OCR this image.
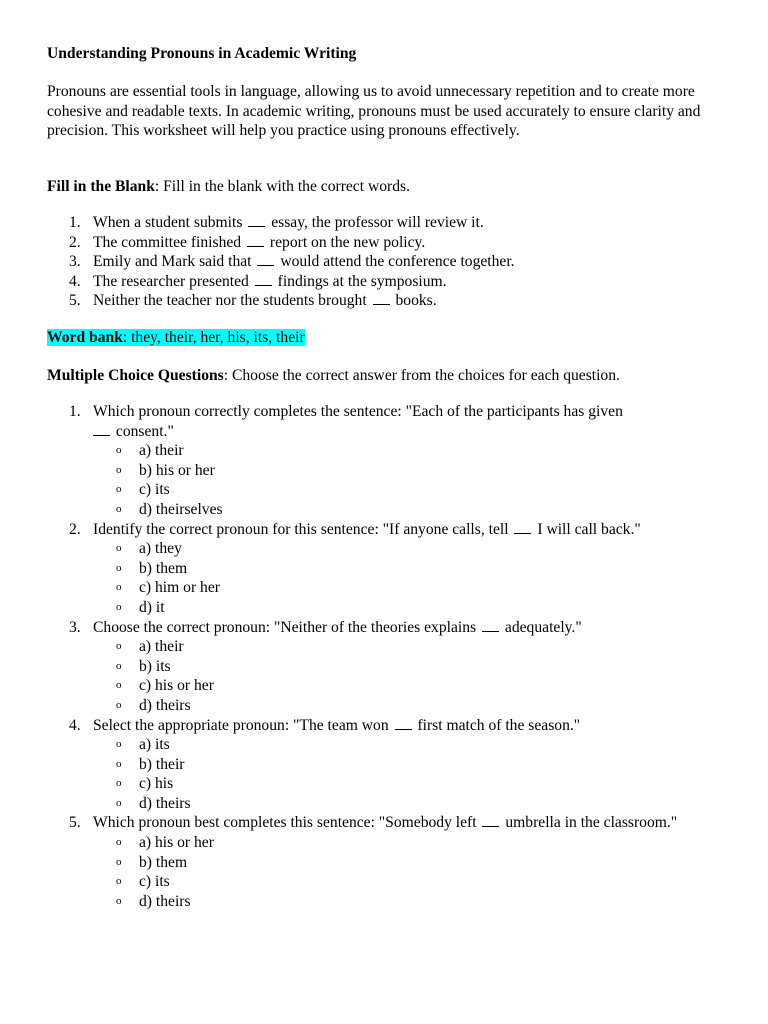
Understanding Pronouns in Academic Writing

Pronouns are essential tools in language, allowing us to avoid unnecessary repetition and to create more cohesive and readable texts. In academic writing, pronouns must be used accurately to ensure clarity and precision. This worksheet will help you practice using pronouns effectively.

Fill in the Blank: Fill in the blank with the correct words.

1. When a student submits essay, the professor will review it.
2. The committee finished report on the new policy.
3. Emily and Mark said that would attend the conference together.
4. The researcher presented findings at the symposium.
5. Neither the teacher nor the students brought books.

Word bank: they, their, her, his, its, their

Multiple Choice Questions: Choose the correct answer from the choices for each question.

1. Which pronoun correctly completes the sentence: "Each of the participants has given
consent."
o a) their
o b) his or her
o c) its
o d) theirselves
2. Identify the correct pronoun for this sentence: "If anyone calls, tell I will call back."
o a) they
o b) them
o c) him or her
o d) it
3. Choose the correct pronoun: "Neither of the theories explains adequately."
o a) their
o b) its
o c) his or her
o d) theirs
4. Select the appropriate pronoun: "The team won first match of the season."
o a) its
o b) their
o c) his
o d) theirs
5. Which pronoun best completes this sentence: "Somebody left umbrella in the classroom."
o a) his or her
o b) them
o c) its
o d) theirs
